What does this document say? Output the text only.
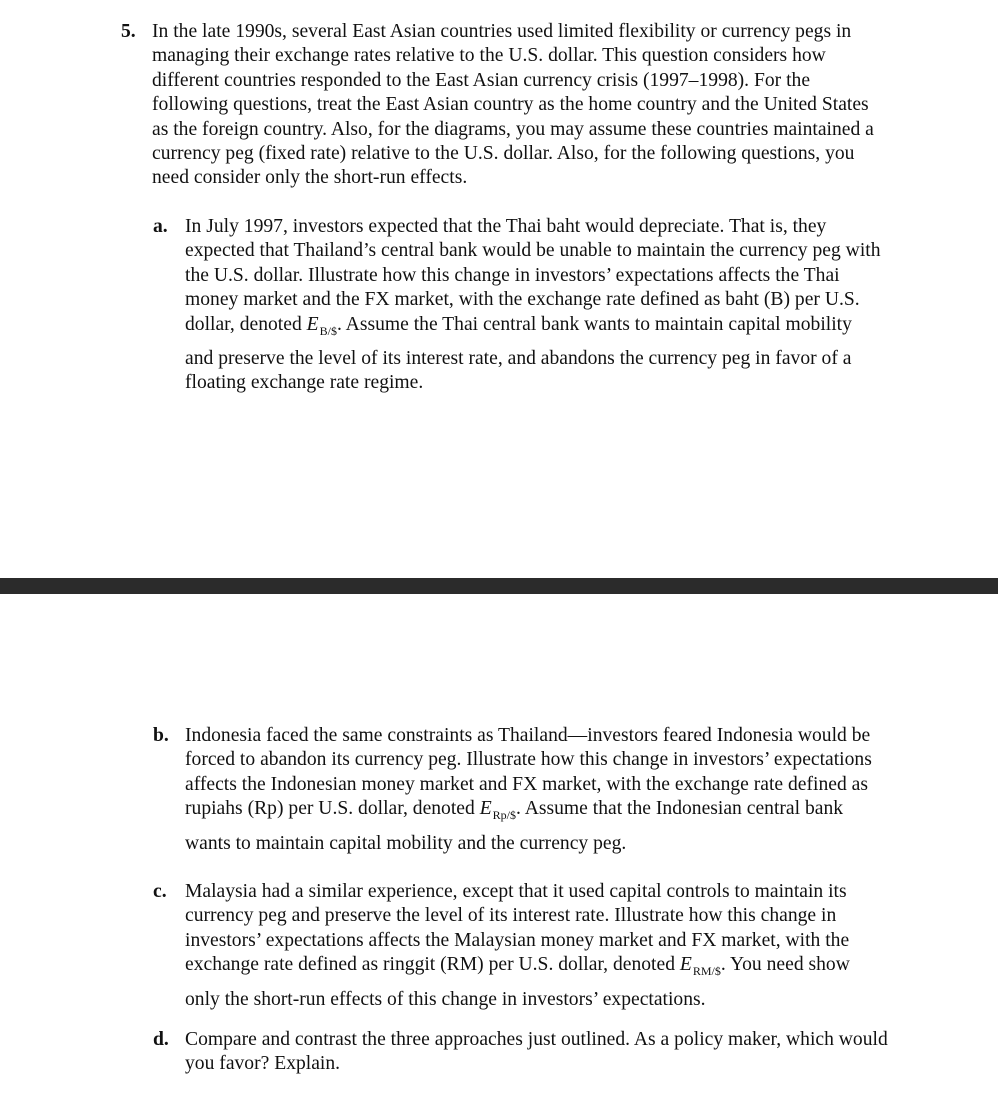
5. In the late 1990s, several East Asian countries used limited flexibility or currency pegs in
managing their exchange rates relative to the U.S. dollar. This question considers how
different countries responded to the East Asian currency crisis (1997–1998). For the
following questions, treat the East Asian country as the home country and the United States
as the foreign country. Also, for the diagrams, you may assume these countries maintained a
currency peg (fixed rate) relative to the U.S. dollar. Also, for the following questions, you
need consider only the short-run effects.
a. In July 1997, investors expected that the Thai baht would depreciate. That is, they
expected that Thailand’s central bank would be unable to maintain the currency peg with
the U.S. dollar. Illustrate how this change in investors’ expectations affects the Thai
money market and the FX market, with the exchange rate defined as baht (B) per U.S.
dollar, denoted $E_{B/\$}$. Assume the Thai central bank wants to maintain capital mobility
and preserve the level of its interest rate, and abandons the currency peg in favor of a
floating exchange rate regime.
b. Indonesia faced the same constraints as Thailand—investors feared Indonesia would be
forced to abandon its currency peg. Illustrate how this change in investors’ expectations
affects the Indonesian money market and FX market, with the exchange rate defined as
rupiahs (Rp) per U.S. dollar, denoted $E_{Rp/\$}$. Assume that the Indonesian central bank
wants to maintain capital mobility and the currency peg.
c. Malaysia had a similar experience, except that it used capital controls to maintain its
currency peg and preserve the level of its interest rate. Illustrate how this change in
investors’ expectations affects the Malaysian money market and FX market, with the
exchange rate defined as ringgit (RM) per U.S. dollar, denoted $E_{RM/\$}$. You need show
only the short-run effects of this change in investors’ expectations.
d. Compare and contrast the three approaches just outlined. As a policy maker, which would
you favor? Explain.
